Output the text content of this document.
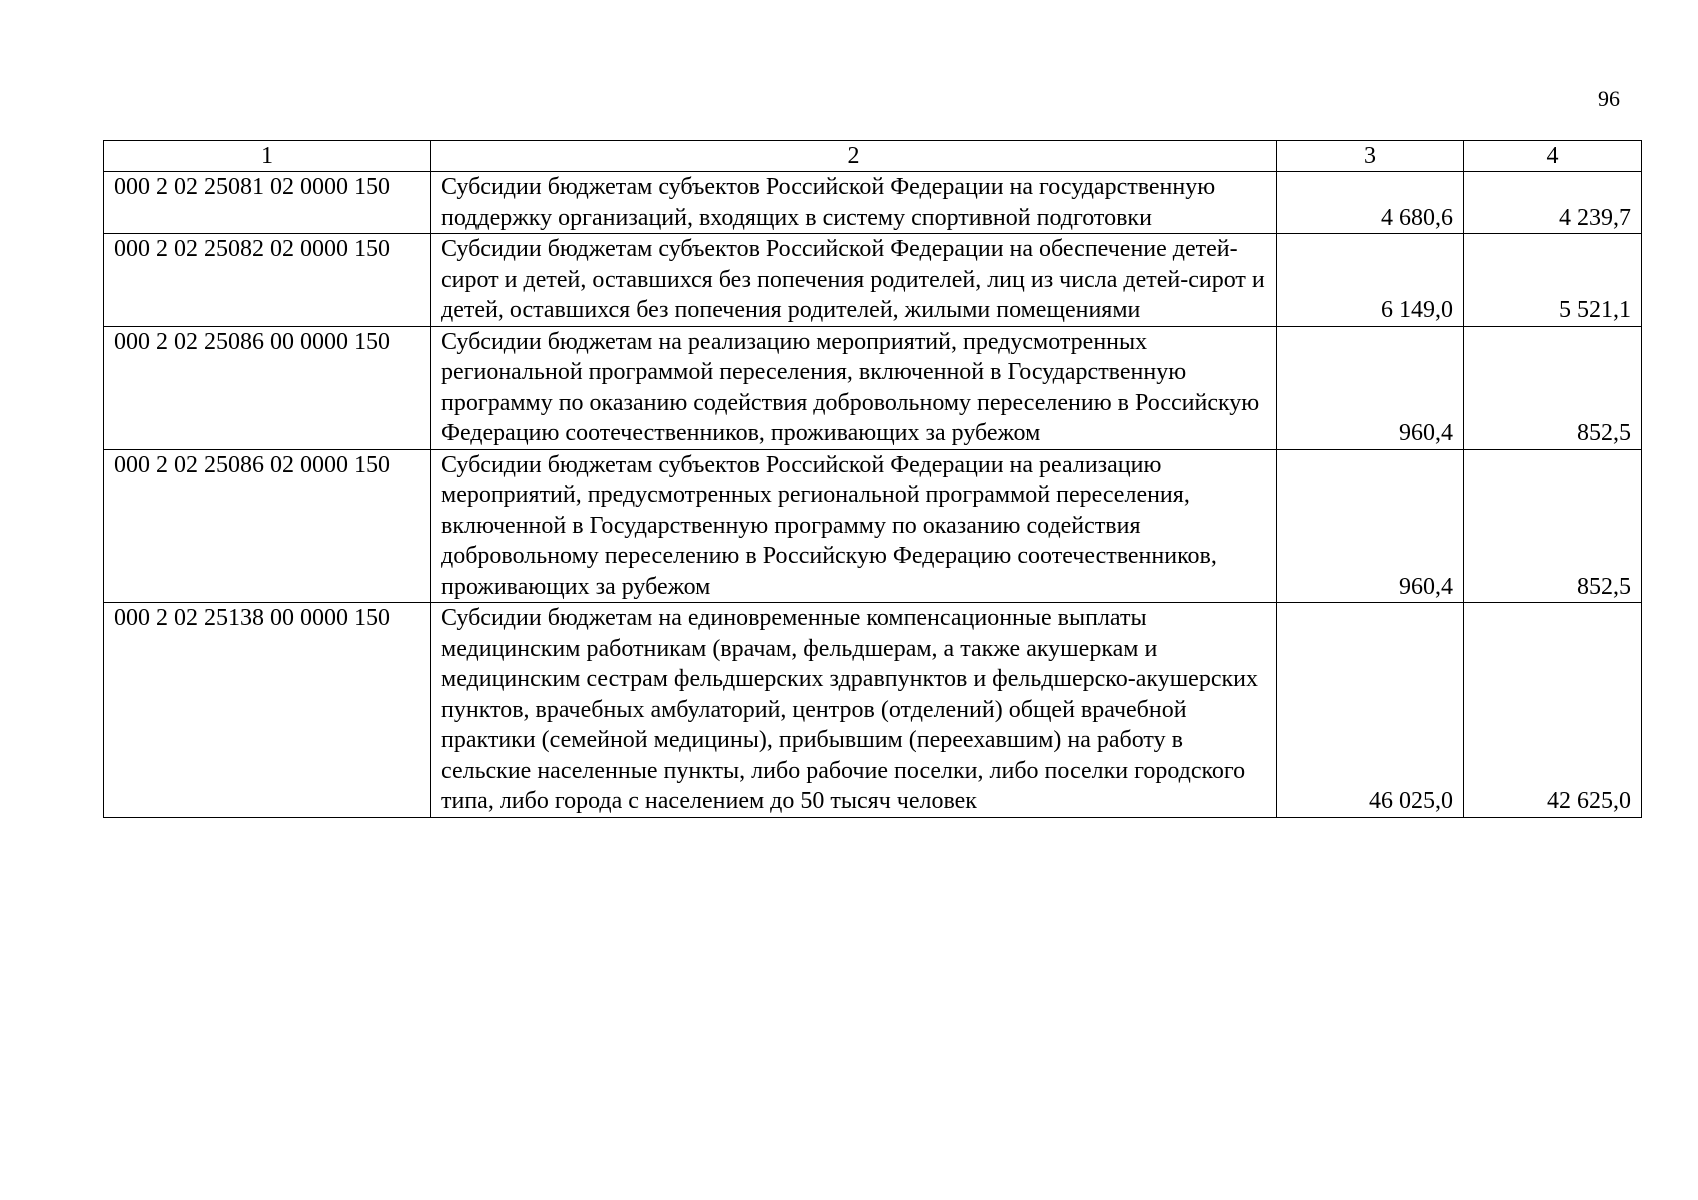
96
1	2	3	4
000 2 02 25081 02 0000 150	Субсидии бюджетам субъектов Российской Федерации на государственную поддержку организаций, входящих в систему спортивной подготовки	4 680,6	4 239,7
000 2 02 25082 02 0000 150	Субсидии бюджетам субъектов Российской Федерации на обеспечение детей-сирот и детей, оставшихся без попечения родителей, лиц из числа детей-сирот и детей, оставшихся без попечения родителей, жилыми помещениями	6 149,0	5 521,1
000 2 02 25086 00 0000 150	Субсидии бюджетам на реализацию мероприятий, предусмотренных региональной программой переселения, включенной в Государственную программу по оказанию содействия добровольному переселению в Российскую Федерацию соотечественников, проживающих за рубежом	960,4	852,5
000 2 02 25086 02 0000 150	Субсидии бюджетам субъектов Российской Федерации на реализацию мероприятий, предусмотренных региональной программой переселения, включенной в Государственную программу по оказанию содействия добровольному переселению в Российскую Федерацию соотечественников, проживающих за рубежом	960,4	852,5
000 2 02 25138 00 0000 150	Субсидии бюджетам на единовременные компенсационные выплаты медицинским работникам (врачам, фельдшерам, а также акушеркам и медицинским сестрам фельдшерских здравпунктов и фельдшерско-акушерских пунктов, врачебных амбулаторий, центров (отделений) общей врачебной практики (семейной медицины), прибывшим (переехавшим) на работу в сельские населенные пункты, либо рабочие поселки, либо поселки городского типа, либо города с населением до 50 тысяч человек	46 025,0	42 625,0
